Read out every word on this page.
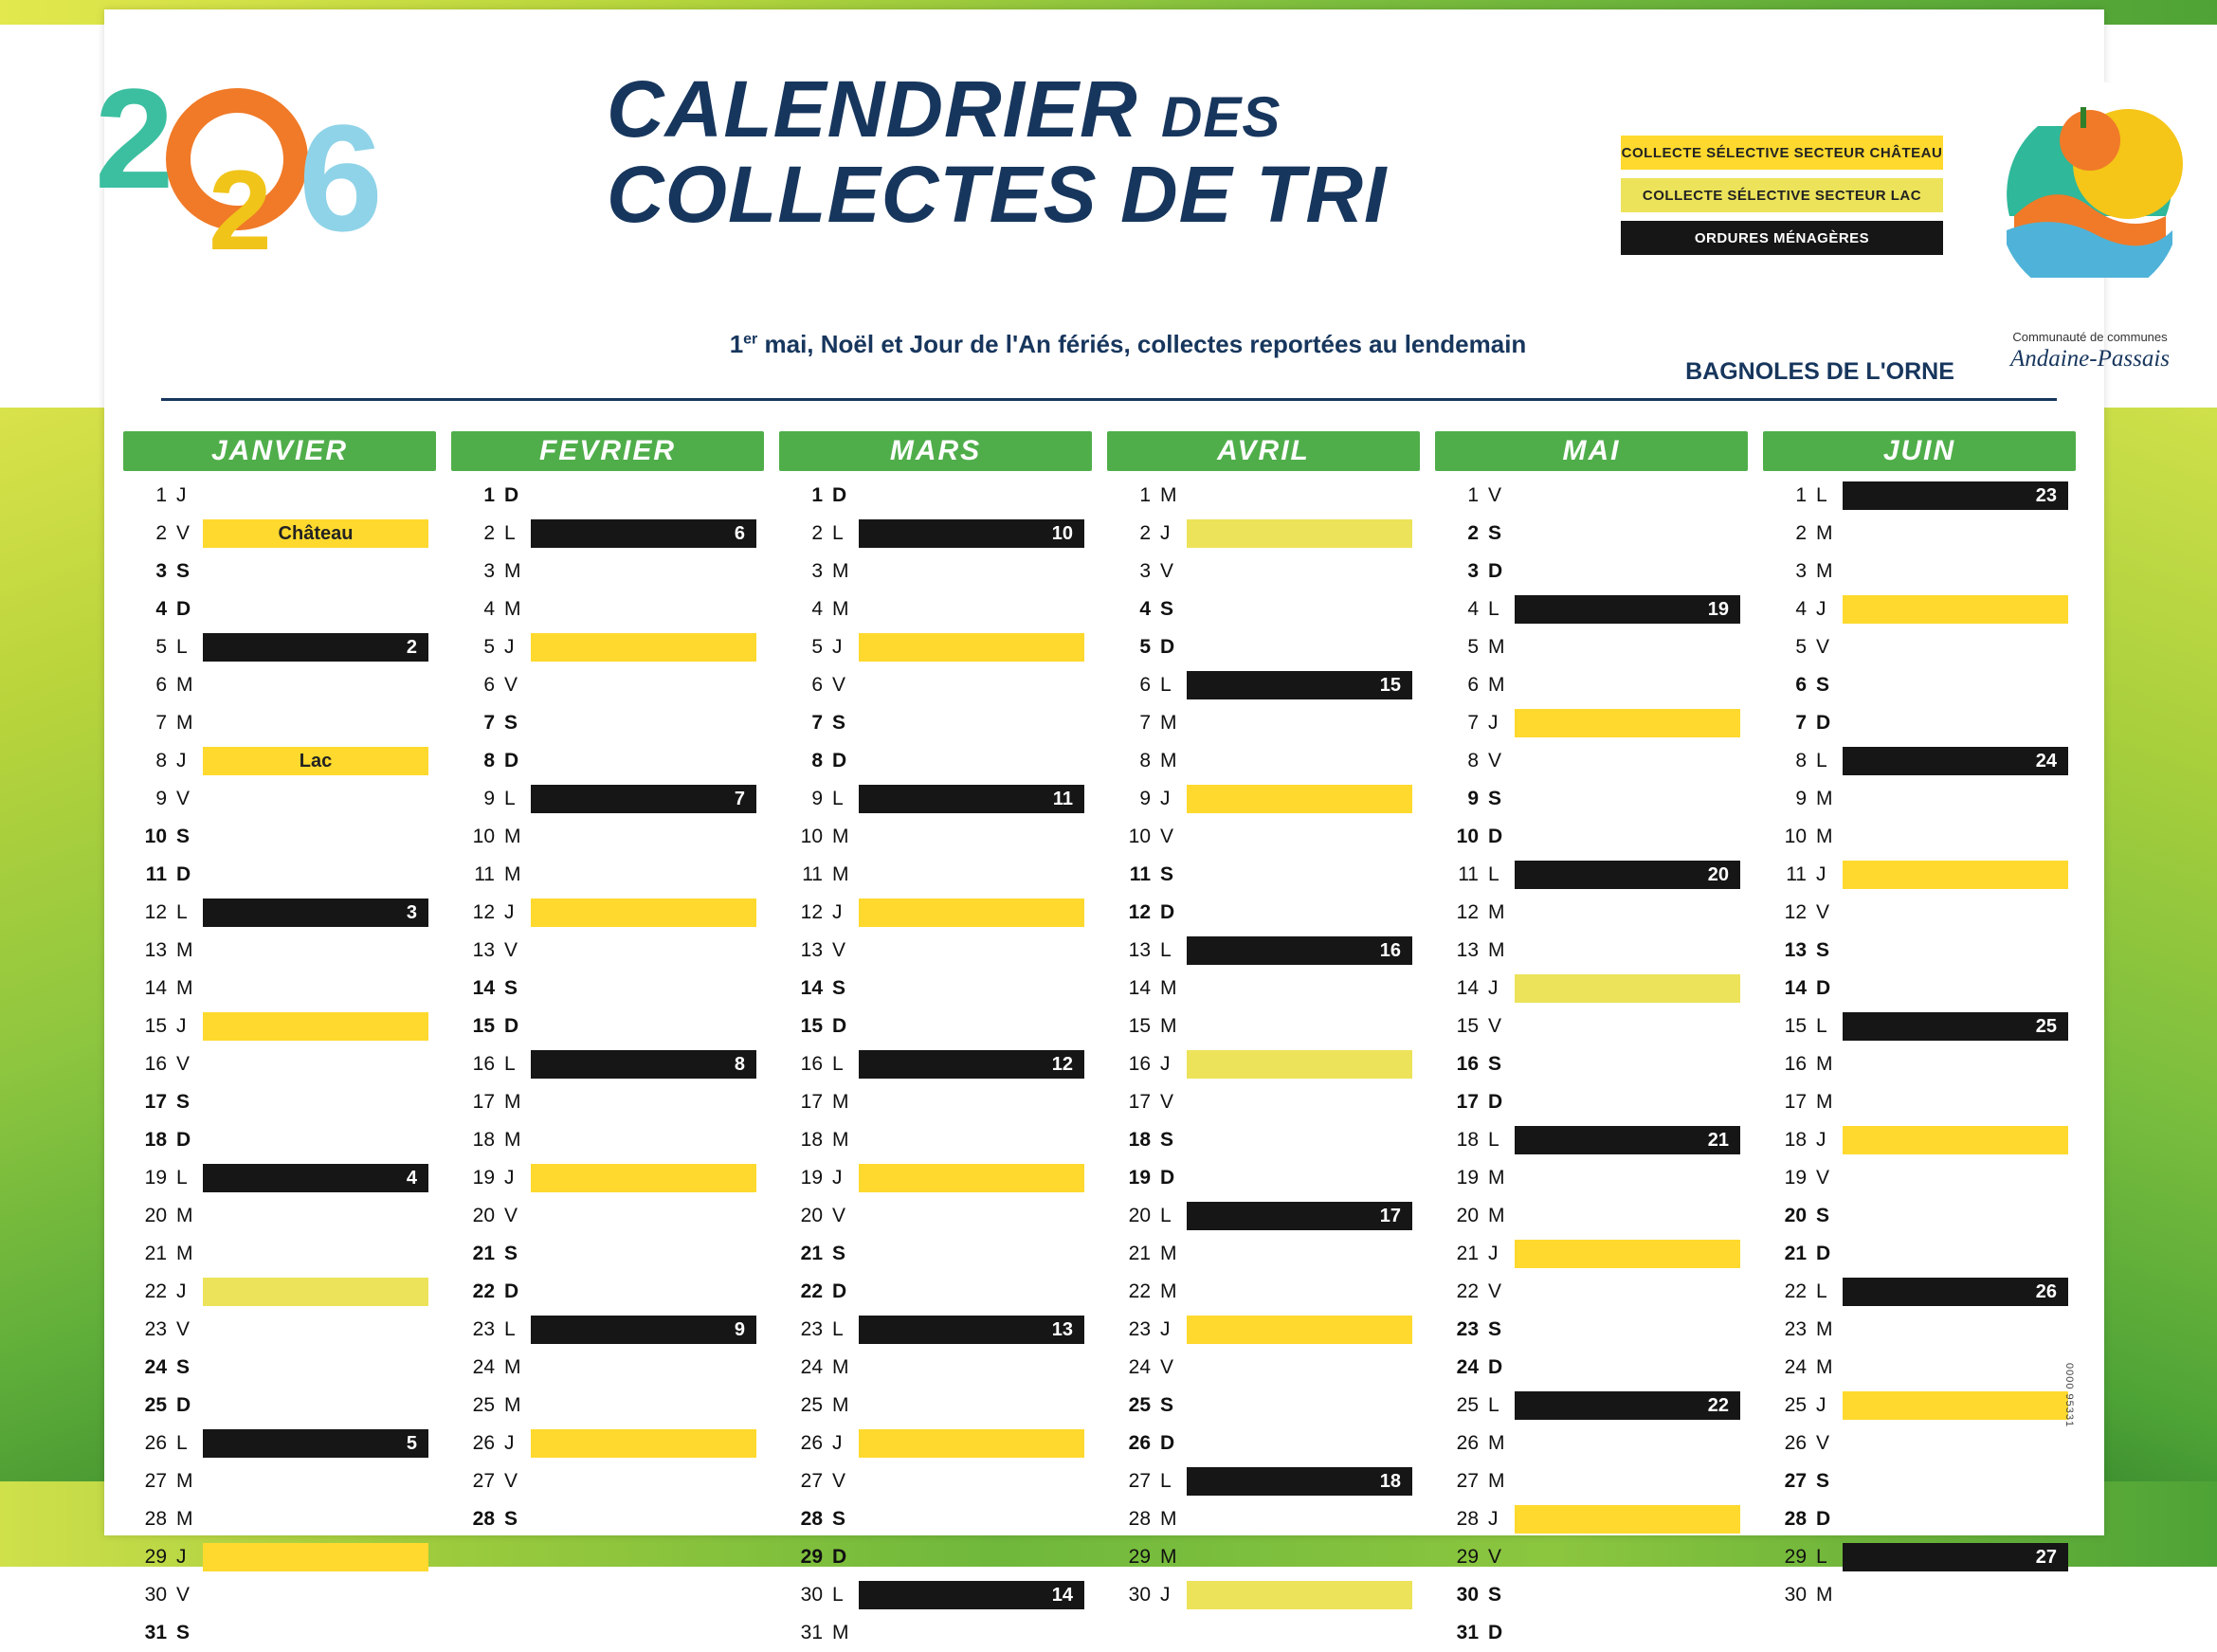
2 2 6	CALENDRIER DES
COLLECTES DE TRI
1er mai, Noël et Jour de l'An fériés, collectes reportées au lendemain
COLLECTE SÉLECTIVE SECTEUR CHÂTEAU
COLLECTE SÉLECTIVE SECTEUR LAC
ORDURES MÉNAGÈRES
Communauté de communes
Andaine-Passais
BAGNOLES DE L'ORNE
JANVIER
1 J
2 V	Château
3 S
4 D
5 L	2
6 M
7 M
8 J	Lac
9 V
10 S
11 D
12 L	3
13 M
14 M
15 J
16 V
17 S
18 D
19 L	4
20 M
21 M
22 J
23 V
24 S
25 D
26 L	5
27 M
28 M
29 J
30 V
31 S
FEVRIER
1 D
2 L	6
3 M
4 M
5 J
6 V
7 S
8 D
9 L	7
10 M
11 M
12 J
13 V
14 S
15 D
16 L	8
17 M
18 M
19 J
20 V
21 S
22 D
23 L	9
24 M
25 M
26 J
27 V
28 S
MARS
1 D
2 L	10
3 M
4 M
5 J
6 V
7 S
8 D
9 L	11
10 M
11 M
12 J
13 V
14 S
15 D
16 L	12
17 M
18 M
19 J
20 V
21 S
22 D
23 L	13
24 M
25 M
26 J
27 V
28 S
29 D
30 L	14
31 M
AVRIL
1 M
2 J
3 V
4 S
5 D
6 L	15
7 M
8 M
9 J
10 V
11 S
12 D
13 L	16
14 M
15 M
16 J
17 V
18 S
19 D
20 L	17
21 M
22 M
23 J
24 V
25 S
26 D
27 L	18
28 M
29 M
30 J
MAI
1 V
2 S
3 D
4 L	19
5 M
6 M
7 J
8 V
9 S
10 D
11 L	20
12 M
13 M
14 J
15 V
16 S
17 D
18 L	21
19 M
20 M
21 J
22 V
23 S
24 D
25 L	22
26 M
27 M
28 J
29 V
30 S
31 D
JUIN
1 L	23
2 M
3 M
4 J
5 V
6 S
7 D
8 L	24
9 M
10 M
11 J
12 V
13 S
14 D
15 L	25
16 M
17 M
18 J
19 V
20 S
21 D
22 L	26
23 M
24 M
25 J
26 V
27 S
28 D
29 L	27
30 M
0000 95331
